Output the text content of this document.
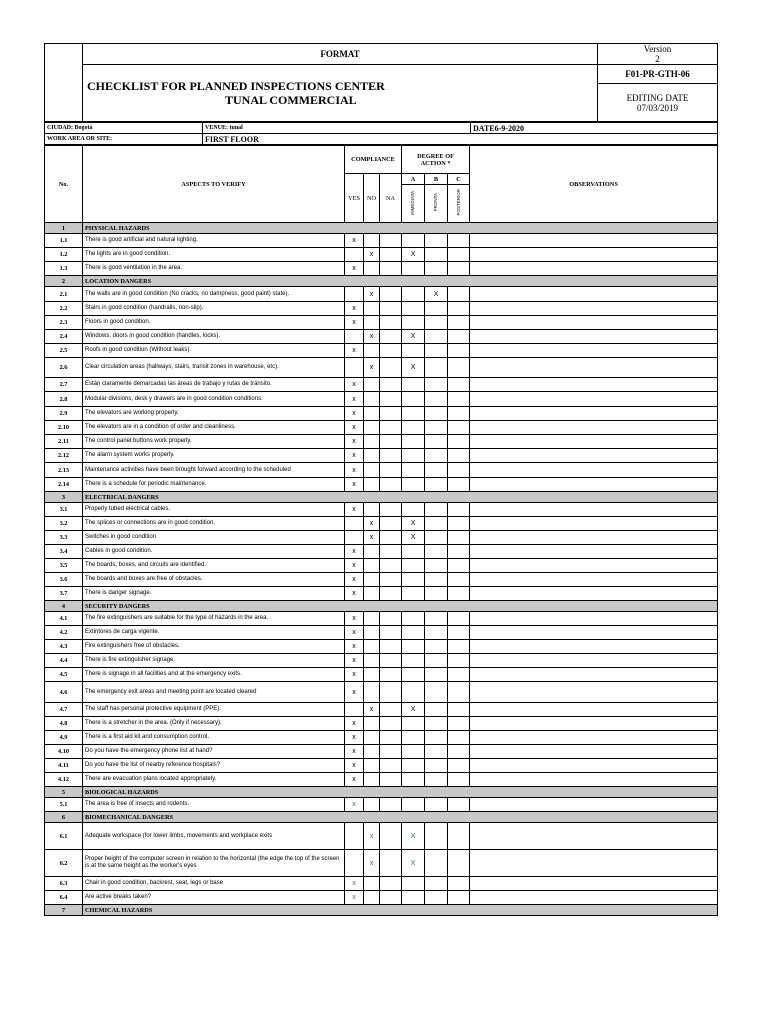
	FORMAT	Version
2

	CHECKLIST FOR PLANNED INSPECTIONS CENTER
TUNAL COMMERCIAL	F01-PR-GTH-06

		EDITING DATE
07/03/2019
CIUDAD: Bogotá	VENUE: tunal	DATE6-9-2020
WORK AREA OR SITE:	FIRST FLOOR	
No.	ASPECTS TO VERIFY	COMPLIANCE			DEGREE OF ACTION *			OBSERVATIONS
		YES	NO	NA	A	B	C	
					INMEDIATA	PRONTA	POSTERIOR	
1	PHYSICAL HAZARDS							
1.1	There is good artificial and natural lighting.	x						
1.2	The lights are in good condition.		x		X			
1.3	There is good ventilation in the area.	x						
2	LOCATION DANGERS							
2.1	The walls are in good condition (No cracks, no dampness, good paint) state).		x			X		
2.2	Stairs in good condition (handrails, non-slip).	x						
2.3	Floors in good condition.	x						
2.4	Windows, doors in good condition (handles, locks).		x		X			
2.5	Roofs in good condition (Without leaks).	x						
2.6	Clear circulation areas (hallways, stairs, transit zones in warehouse, etc).		x		X			
2.7	Están claramente demarcadas las áreas de trabajo y rutas de tránsito.	x						
2.8	Modular divisions, desk y drawers are in good condition conditions.	x						
2.9	The elevators are working properly.	x						
2.10	The elevators are in a condition of order and cleanliness.	x						
2.11	The control panel buttons work properly.	x						
2.12	The alarm system works properly.	x						
2.13	Maintenance activities have been brought forward according to the scheduled	x						
2.14	There is a schedule for periodic maintenance.	x						
3	ELECTRICAL DANGERS							
3.1	Properly tubed electrical cables.	x						
3.2	The splices or connections are in good condition.		x		X			
3.3	Switches in good condition		x		X			
3.4	Cables in good condition.	x						
3.5	The boards, boxes, and circuits are identified.	x						
3.6	The boards and boxes are free of obstacles.	x						
3.7	There is danger signage.	x						
4	SECURITY DANGERS							
4.1	The fire extinguishers are suitable for the type of hazards in the area.	x						
4.2	Extintores de carga vigente.	x						
4.3	Fire extinguishers free of obstacles.	x						
4.4	There is fire extinguisher signage.	x						
4.5	There is signage in all facilities and at the emergency exits.	x						
4.6	The emergency exit areas and meeting point are located cleared	x						
4.7	The staff has personal protective equipment (PPE).		x		X			
4.8	There is a stretcher in the area. (Only if necessary).	x						
4.9	There is a first aid kit and consumption control.	x						
4.10	Do you have the emergency phone list at hand?	x						
4.11	Do you have the list of nearby reference hospitals?	x						
4.12	There are evacuation plans located appropriately.	x						
5	BIOLOGICAL HAZARDS							
5.1	The area is free of insects and rodents.	x						
6	BIOMECHANICAL DANGERS							
6.1	Adequate workspace (for lower limbs, movements and workplace exits		x		X			
6.2	Proper height of the computer screen in relation to the horizontal (the edge the top of the screen is at the same height as the worker's eyes		x		X			
6.3	Chair in good condition, backrest, seat, legs or base	x						
6.4	Are active breaks taken?	x						
7	CHEMICAL HAZARDS							
